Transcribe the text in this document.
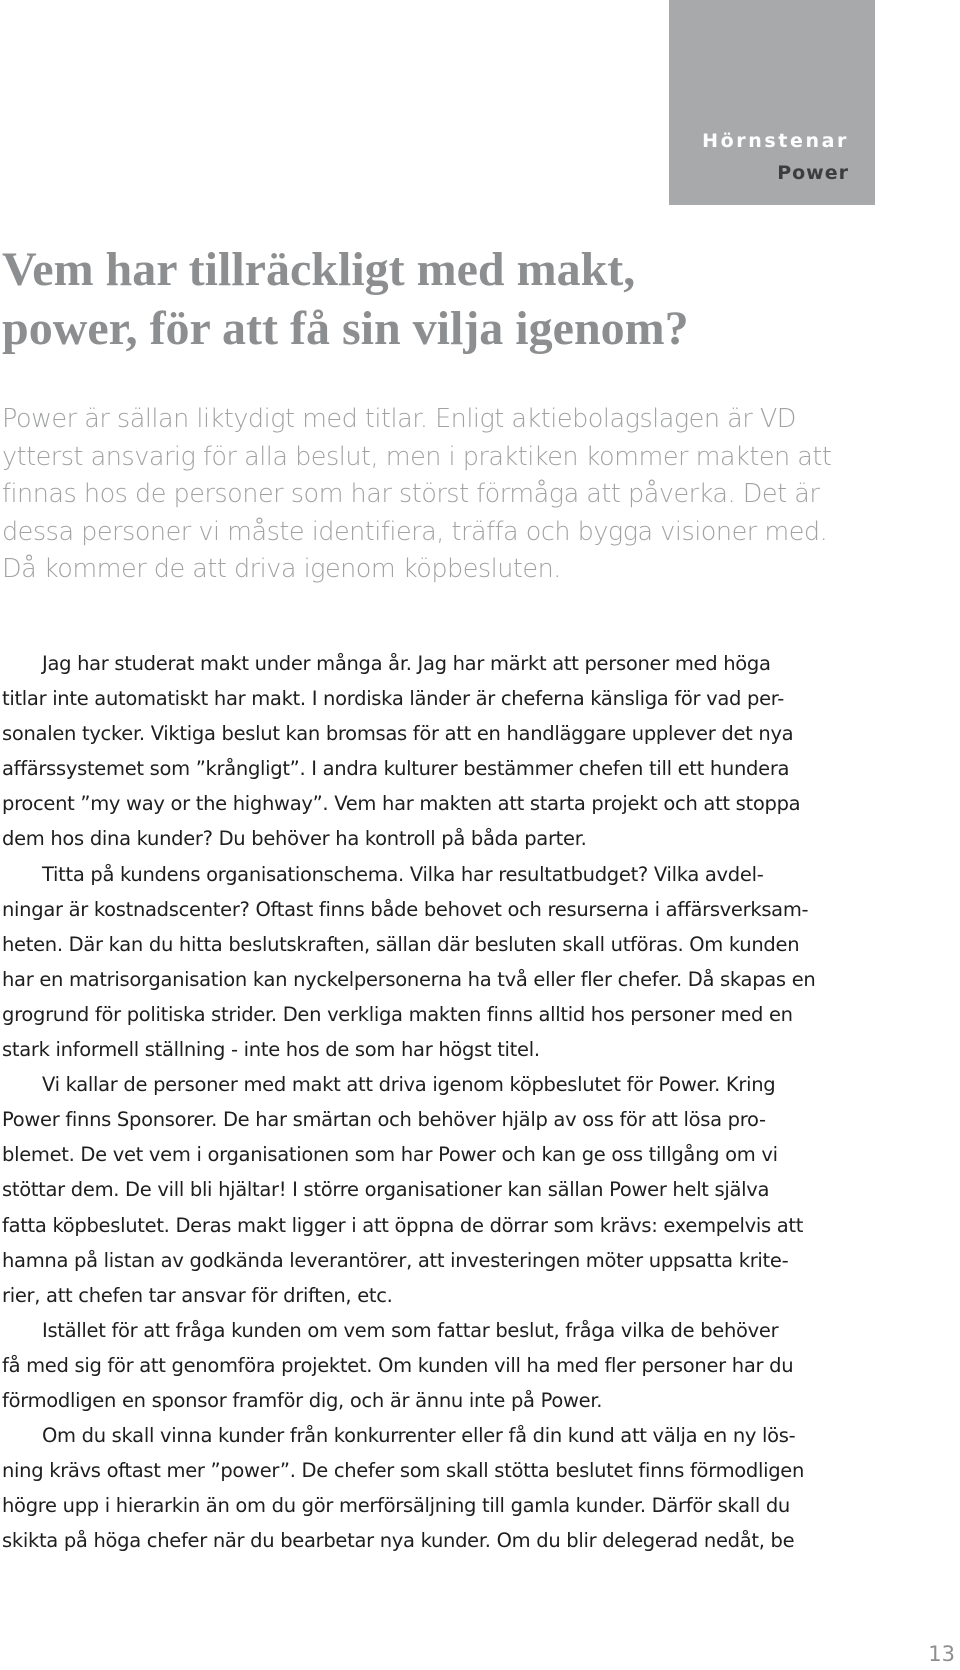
Hörnstenar
Power
Vem har tillräckligt med makt,
power, för att få sin vilja igenom?
Power är sällan liktydigt med titlar. Enligt aktiebolagslagen är VD
ytterst ansvarig för alla beslut, men i praktiken kommer makten att
finnas hos de personer som har störst förmåga att påverka. Det är
dessa personer vi måste identifiera, träffa och bygga visioner med.
Då kommer de att driva igenom köpbesluten.
Jag har studerat makt under många år. Jag har märkt att personer med höga
titlar inte automatiskt har makt. I nordiska länder är cheferna känsliga för vad per-
sonalen tycker. Viktiga beslut kan bromsas för att en handläggare upplever det nya
affärssystemet som ”krångligt”. I andra kulturer bestämmer chefen till ett hundera
procent ”my way or the highway”. Vem har makten att starta projekt och att stoppa
dem hos dina kunder? Du behöver ha kontroll på båda parter.
Titta på kundens organisationschema. Vilka har resultatbudget? Vilka avdel-
ningar är kostnadscenter? Oftast finns både behovet och resurserna i affärsverksam-
heten. Där kan du hitta beslutskraften, sällan där besluten skall utföras. Om kunden
har en matrisorganisation kan nyckelpersonerna ha två eller fler chefer. Då skapas en
grogrund för politiska strider. Den verkliga makten finns alltid hos personer med en
stark informell ställning - inte hos de som har högst titel.
Vi kallar de personer med makt att driva igenom köpbeslutet för Power. Kring
Power finns Sponsorer. De har smärtan och behöver hjälp av oss för att lösa pro-
blemet. De vet vem i organisationen som har Power och kan ge oss tillgång om vi
stöttar dem. De vill bli hjältar! I större organisationer kan sällan Power helt själva
fatta köpbeslutet. Deras makt ligger i att öppna de dörrar som krävs: exempelvis att
hamna på listan av godkända leverantörer, att investeringen möter uppsatta krite-
rier, att chefen tar ansvar för driften, etc.
Istället för att fråga kunden om vem som fattar beslut, fråga vilka de behöver
få med sig för att genomföra projektet. Om kunden vill ha med fler personer har du
förmodligen en sponsor framför dig, och är ännu inte på Power.
Om du skall vinna kunder från konkurrenter eller få din kund att välja en ny lös-
ning krävs oftast mer ”power”. De chefer som skall stötta beslutet finns förmodligen
högre upp i hierarkin än om du gör merförsäljning till gamla kunder. Därför skall du
skikta på höga chefer när du bearbetar nya kunder. Om du blir delegerad nedåt, be
13
